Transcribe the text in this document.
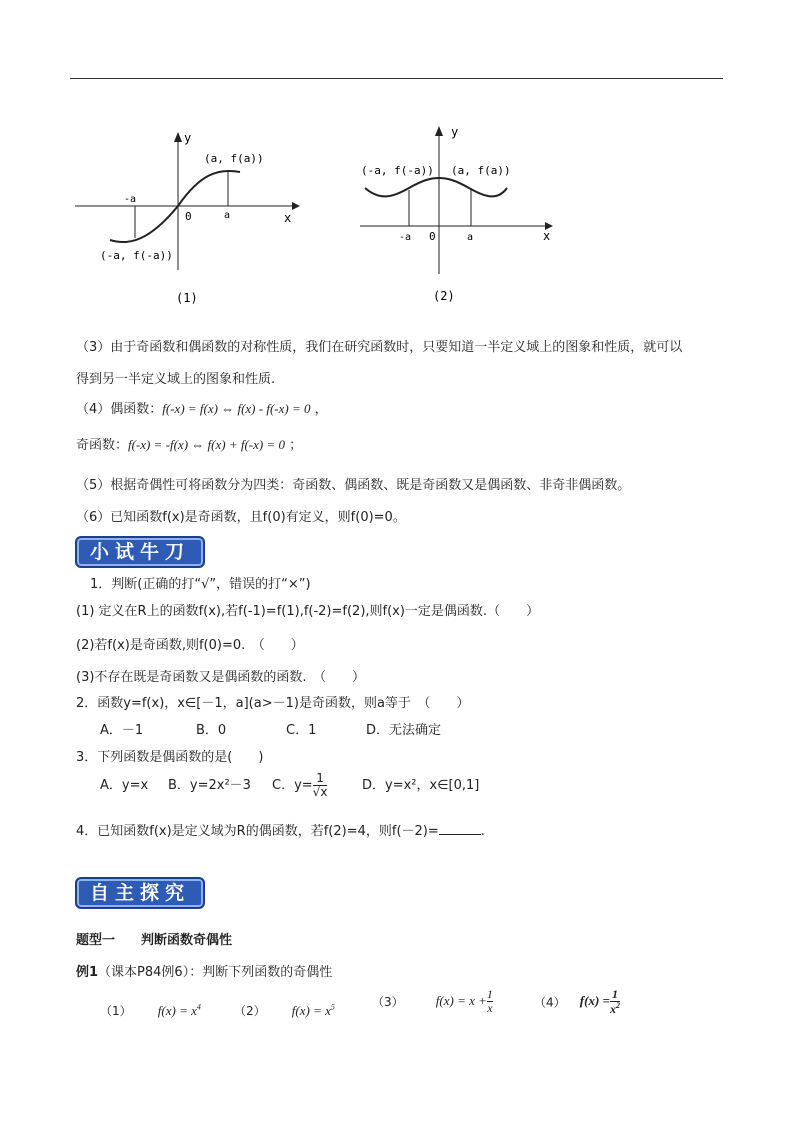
y
x
0	a
-a
(a, f(a))
(-a, f(-a))
(1)
y
x
0	a
-a
(a, f(a))
(-a, f(-a))
(2)
（3）由于奇函数和偶函数的对称性质，我们在研究函数时，只要知道一半定义域上的图象和性质，就可以
得到另一半定义域上的图象和性质.
（4）偶函数：f(-x) = f(x) ⇔ f(x) - f(-x) = 0 ，
奇函数：f(-x) = -f(x) ⇔ f(x) + f(-x) = 0 ；
（5）根据奇偶性可将函数分为四类：奇函数、偶函数、既是奇函数又是偶函数、非奇非偶函数。
（6）已知函数f(x)是奇函数，且f(0)有定义，则f(0)=0。
小试牛刀
1．判断(正确的打“√”，错误的打“×”)
(1) 定义在R上的函数f(x),若f(-1)=f(1),f(-2)=f(2),则f(x)一定是偶函数.（　　）
(2)若f(x)是奇函数,则f(0)=0.　（　　）
(3)不存在既是奇函数又是偶函数的函数.　（　　）
2．函数y=f(x)，x∈[－1，a](a>－1)是奇函数，则a等于　（　　）
A．－1	B．0	C．1	D．无法确定
3．下列函数是偶函数的是(　　)
A．y=x B．y=2x²－3 C．$y= \frac{1}{√x}$	D．y=x²，x∈[0,1]
4．已知函数f(x)是定义域为R的偶函数，若f(2)=4，则f(－2)=	.
自主探究
题型一　　判断函数奇偶性
例1（课本P84例6）：判断下列函数的奇偶性
（1） $f(x) = x^4$	（2） $f(x) = x^5$	（3） $f(x) = x + \frac{1}{x}$	（4） $f(x) = \frac{1}{x^2}$
